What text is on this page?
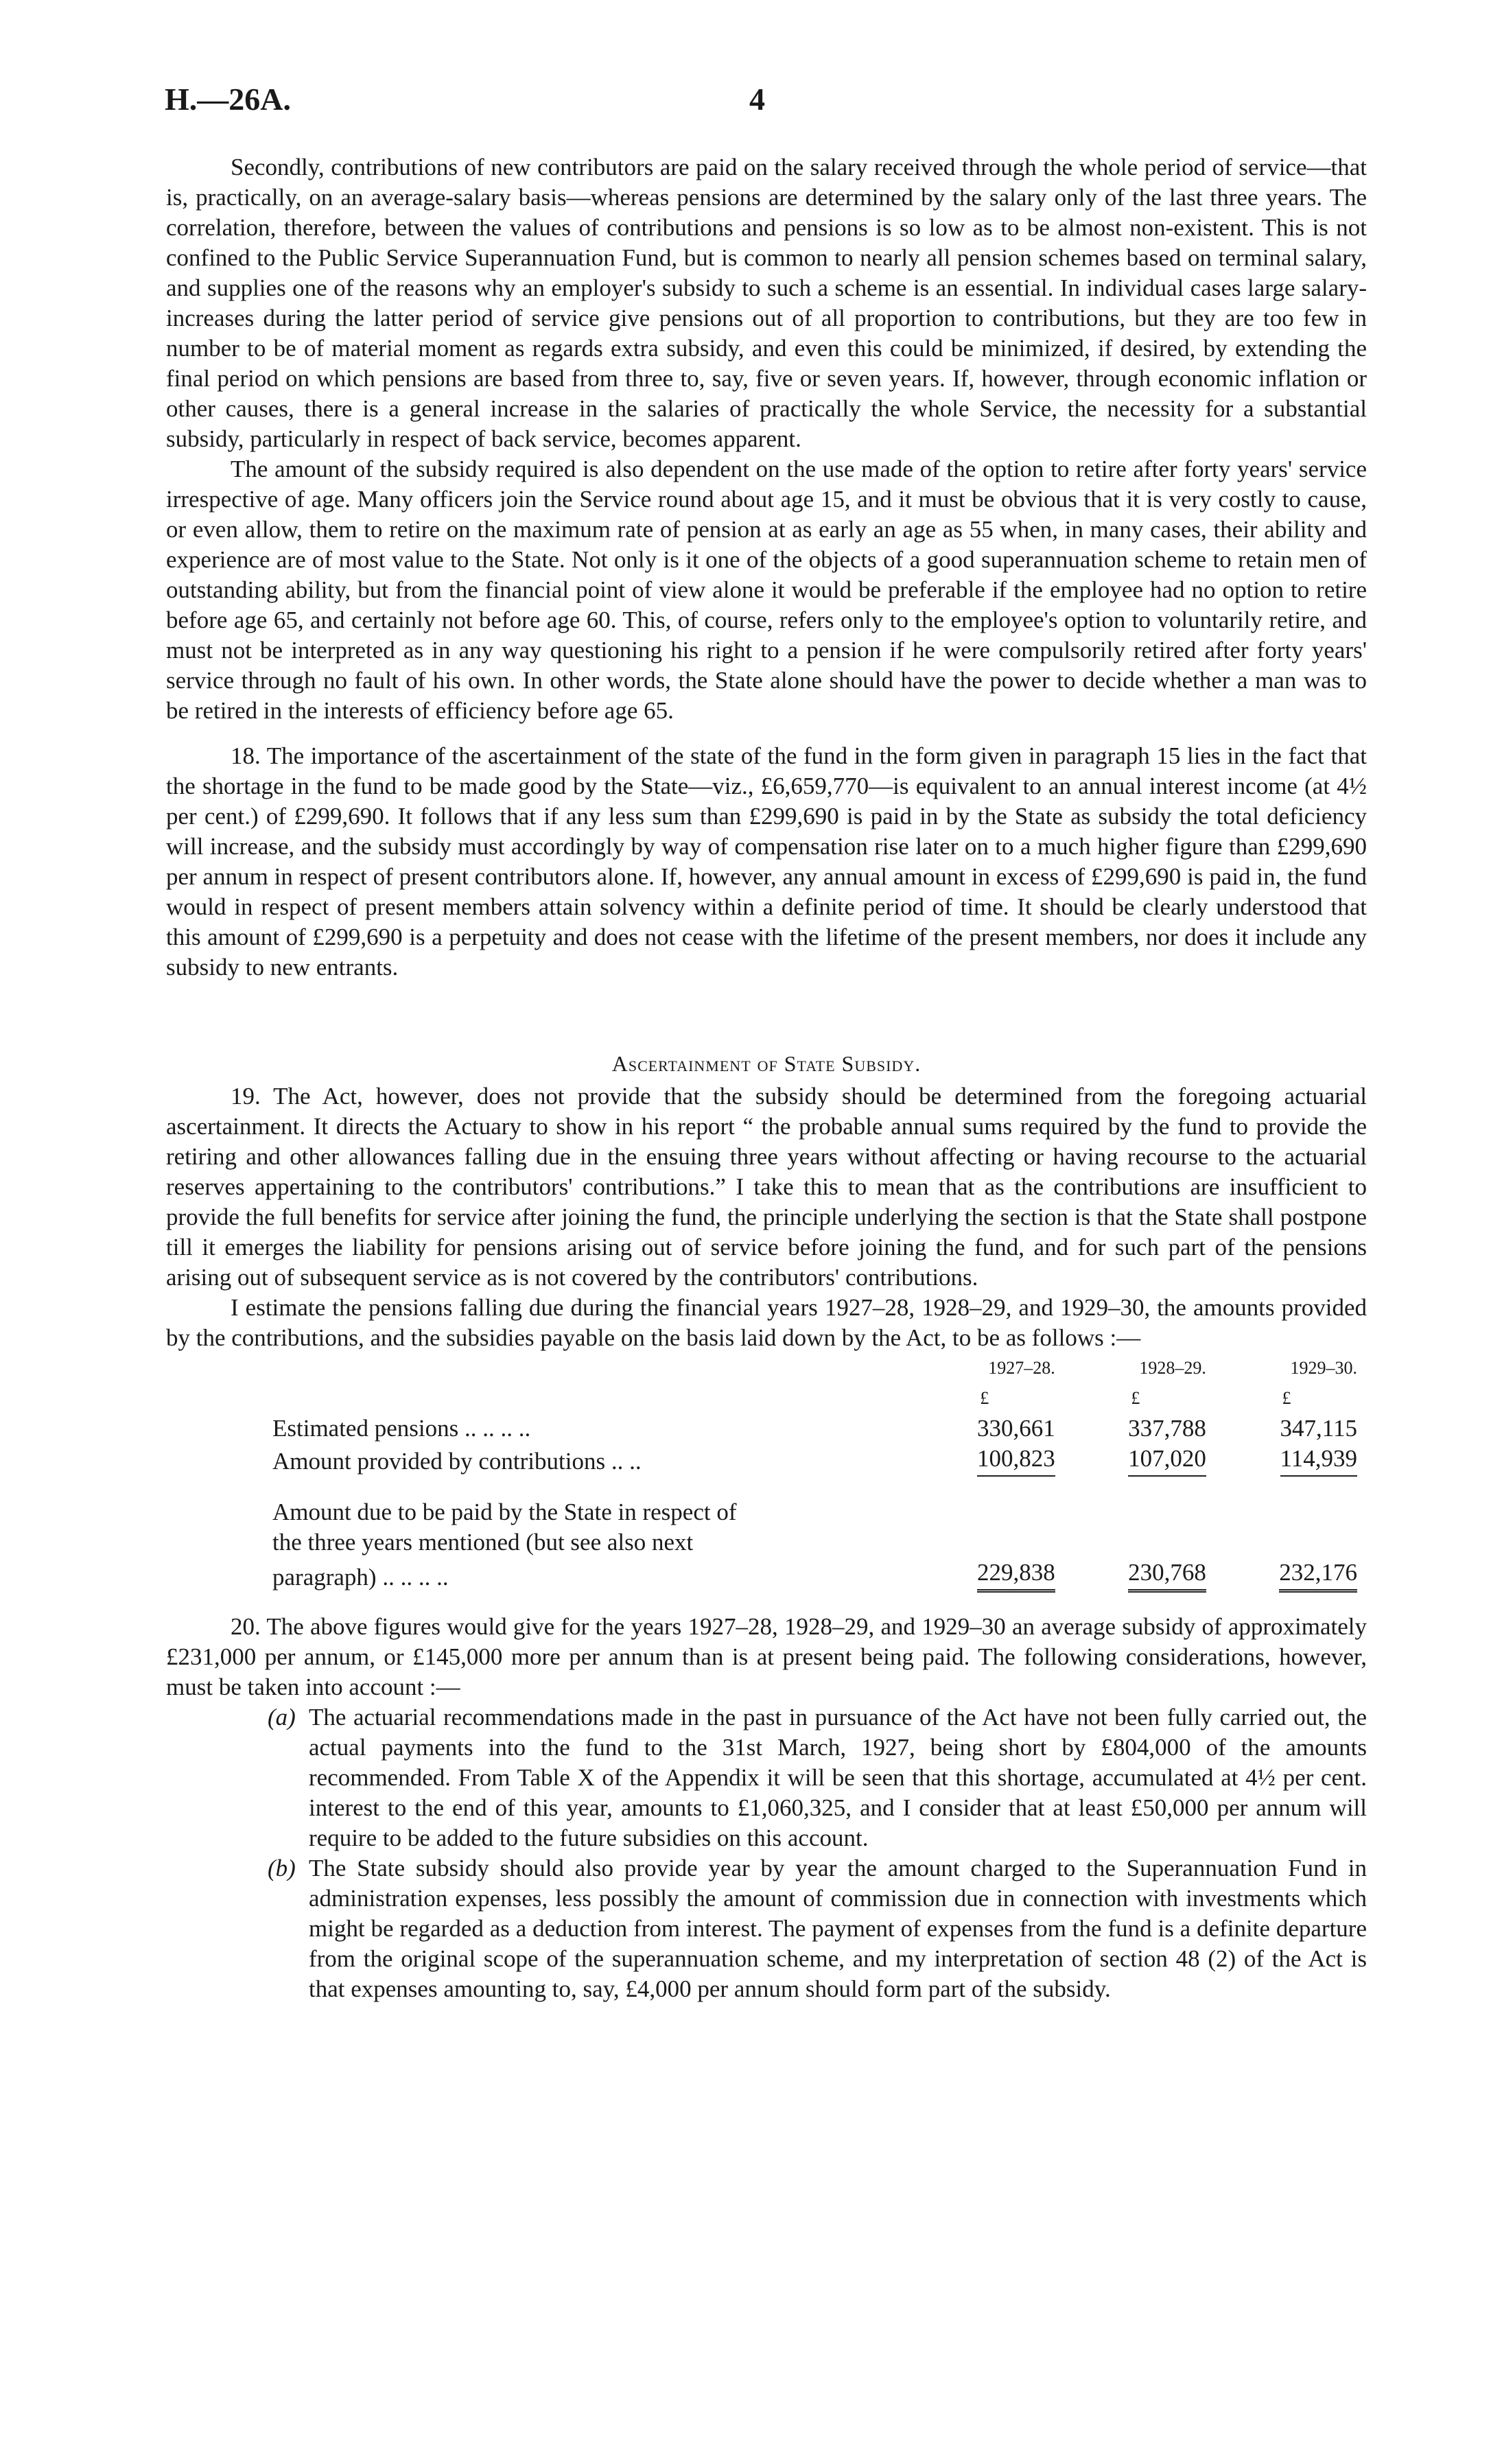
H.—26A.	4

Secondly, contributions of new contributors are paid on the salary received through the whole period of service—that is, practically, on an average-salary basis—whereas pensions are determined by the salary only of the last three years. The correlation, therefore, between the values of contributions and pensions is so low as to be almost non-existent. This is not confined to the Public Service Superannuation Fund, but is common to nearly all pension schemes based on terminal salary, and supplies one of the reasons why an employer's subsidy to such a scheme is an essential. In individual cases large salary-increases during the latter period of service give pensions out of all proportion to contributions, but they are too few in number to be of material moment as regards extra subsidy, and even this could be minimized, if desired, by extending the final period on which pensions are based from three to, say, five or seven years. If, however, through economic inflation or other causes, there is a general increase in the salaries of practically the whole Service, the necessity for a substantial subsidy, particularly in respect of back service, becomes apparent.

The amount of the subsidy required is also dependent on the use made of the option to retire after forty years' service irrespective of age. Many officers join the Service round about age 15, and it must be obvious that it is very costly to cause, or even allow, them to retire on the maximum rate of pension at as early an age as 55 when, in many cases, their ability and experience are of most value to the State. Not only is it one of the objects of a good superannuation scheme to retain men of outstanding ability, but from the financial point of view alone it would be preferable if the employee had no option to retire before age 65, and certainly not before age 60. This, of course, refers only to the employee's option to voluntarily retire, and must not be interpreted as in any way questioning his right to a pension if he were compulsorily retired after forty years' service through no fault of his own. In other words, the State alone should have the power to decide whether a man was to be retired in the interests of efficiency before age 65.

18. The importance of the ascertainment of the state of the fund in the form given in paragraph 15 lies in the fact that the shortage in the fund to be made good by the State—viz., £6,659,770—is equivalent to an annual interest income (at 4½ per cent.) of £299,690. It follows that if any less sum than £299,690 is paid in by the State as subsidy the total deficiency will increase, and the subsidy must accordingly by way of compensation rise later on to a much higher figure than £299,690 per annum in respect of present contributors alone. If, however, any annual amount in excess of £299,690 is paid in, the fund would in respect of present members attain solvency within a definite period of time. It should be clearly understood that this amount of £299,690 is a perpetuity and does not cease with the lifetime of the present members, nor does it include any subsidy to new entrants.

Ascertainment of State Subsidy.

19. The Act, however, does not provide that the subsidy should be determined from the foregoing actuarial ascertainment. It directs the Actuary to show in his report “ the probable annual sums required by the fund to provide the retiring and other allowances falling due in the ensuing three years without affecting or having recourse to the actuarial reserves appertaining to the contributors' contributions.” I take this to mean that as the contributions are insufficient to provide the full benefits for service after joining the fund, the principle underlying the section is that the State shall postpone till it emerges the liability for pensions arising out of service before joining the fund, and for such part of the pensions arising out of subsequent service as is not covered by the contributors' contributions.

I estimate the pensions falling due during the financial years 1927–28, 1928–29, and 1929–30, the amounts provided by the contributions, and the subsidies payable on the basis laid down by the Act, to be as follows :—

	1927–28.	1928–29.	1929–30.
	£	£	£
Estimated pensions .. .. .. ..	330,661	337,788	347,115
Amount provided by contributions .. ..	100,823	107,020	114,939

Amount due to be paid by the State in respect of			
the three years mentioned (but see also next			
paragraph) .. .. .. ..	229,838	230,768	232,176

20. The above figures would give for the years 1927–28, 1928–29, and 1929–30 an average subsidy of approximately £231,000 per annum, or £145,000 more per annum than is at present being paid. The following considerations, however, must be taken into account :—

(a) The actuarial recommendations made in the past in pursuance of the Act have not been fully carried out, the actual payments into the fund to the 31st March, 1927, being short by £804,000 of the amounts recommended. From Table X of the Appendix it will be seen that this shortage, accumulated at 4½ per cent. interest to the end of this year, amounts to £1,060,325, and I consider that at least £50,000 per annum will require to be added to the future subsidies on this account.
(b) The State subsidy should also provide year by year the amount charged to the Superannuation Fund in administration expenses, less possibly the amount of commission due in connection with investments which might be regarded as a deduction from interest. The payment of expenses from the fund is a definite departure from the original scope of the superannuation scheme, and my interpretation of section 48 (2) of the Act is that expenses amounting to, say, £4,000 per annum should form part of the subsidy.
